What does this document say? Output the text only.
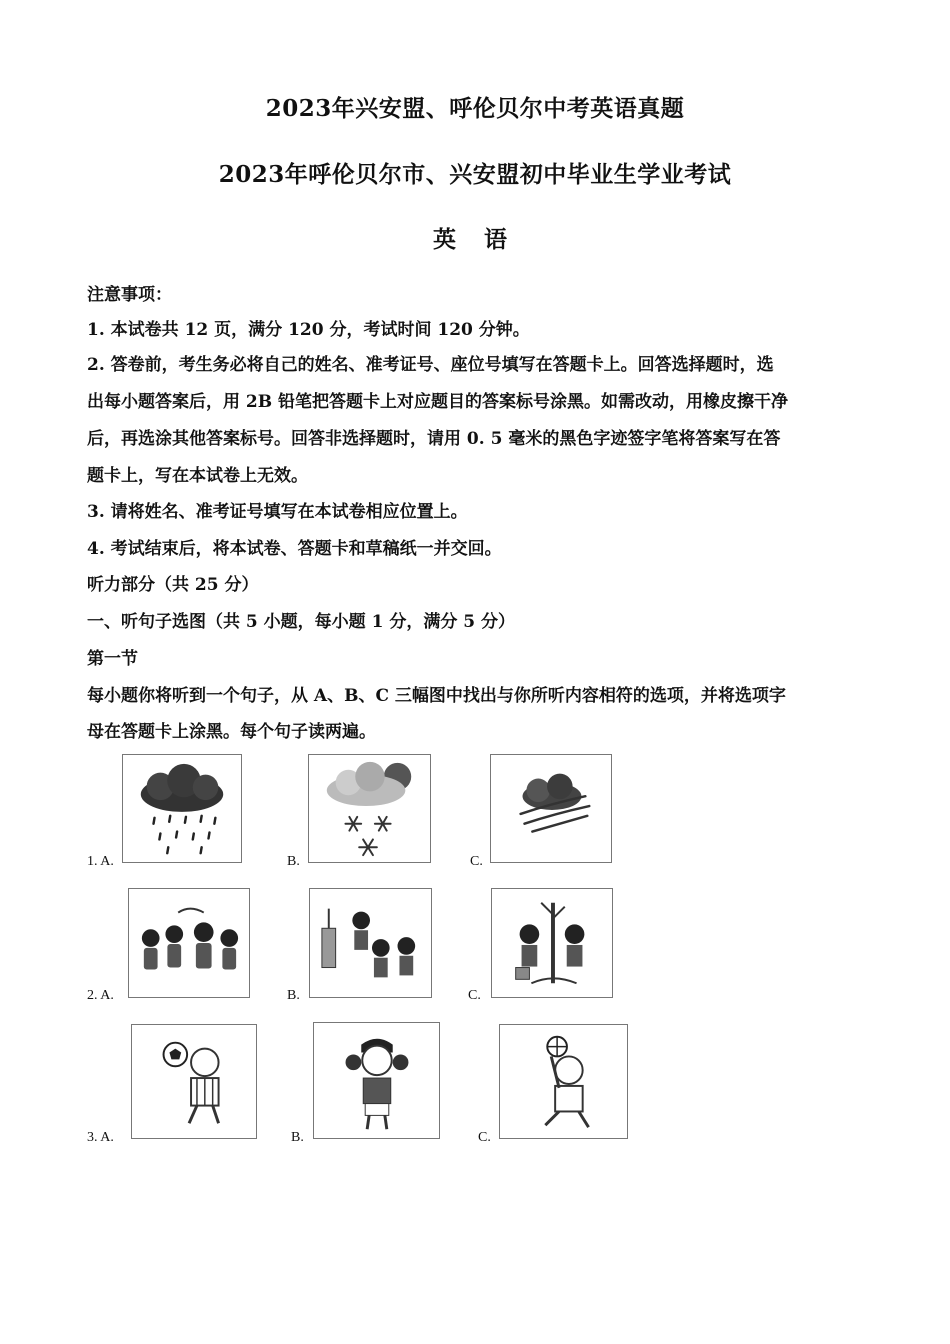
2023年兴安盟、呼伦贝尔中考英语真题
2023年呼伦贝尔市、兴安盟初中毕业生学业考试
英 语
注意事项：
1. 本试卷共 12 页，满分 120 分，考试时间 120 分钟。
2. 答卷前，考生务必将自己的姓名、准考证号、座位号填写在答题卡上。回答选择题时，选
出每小题答案后，用 2B 铅笔把答题卡上对应题目的答案标号涂黑。如需改动，用橡皮擦干净
后，再选涂其他答案标号。回答非选择题时，请用 0. 5 毫米的黑色字迹签字笔将答案写在答
题卡上，写在本试卷上无效。
3. 请将姓名、准考证号填写在本试卷相应位置上。
4. 考试结束后，将本试卷、答题卡和草稿纸一并交回。
听力部分（共 25 分）
一、听句子选图（共 5 小题，每小题 1 分，满分 5 分）
第一节
每小题你将听到一个句子，从 A、B、C 三幅图中找出与你所听内容相符的选项，并将选项字
母在答题卡上涂黑。每个句子读两遍。
1. A.	B.	C.
2. A.	B.	C.
3. A.	B.	C.
